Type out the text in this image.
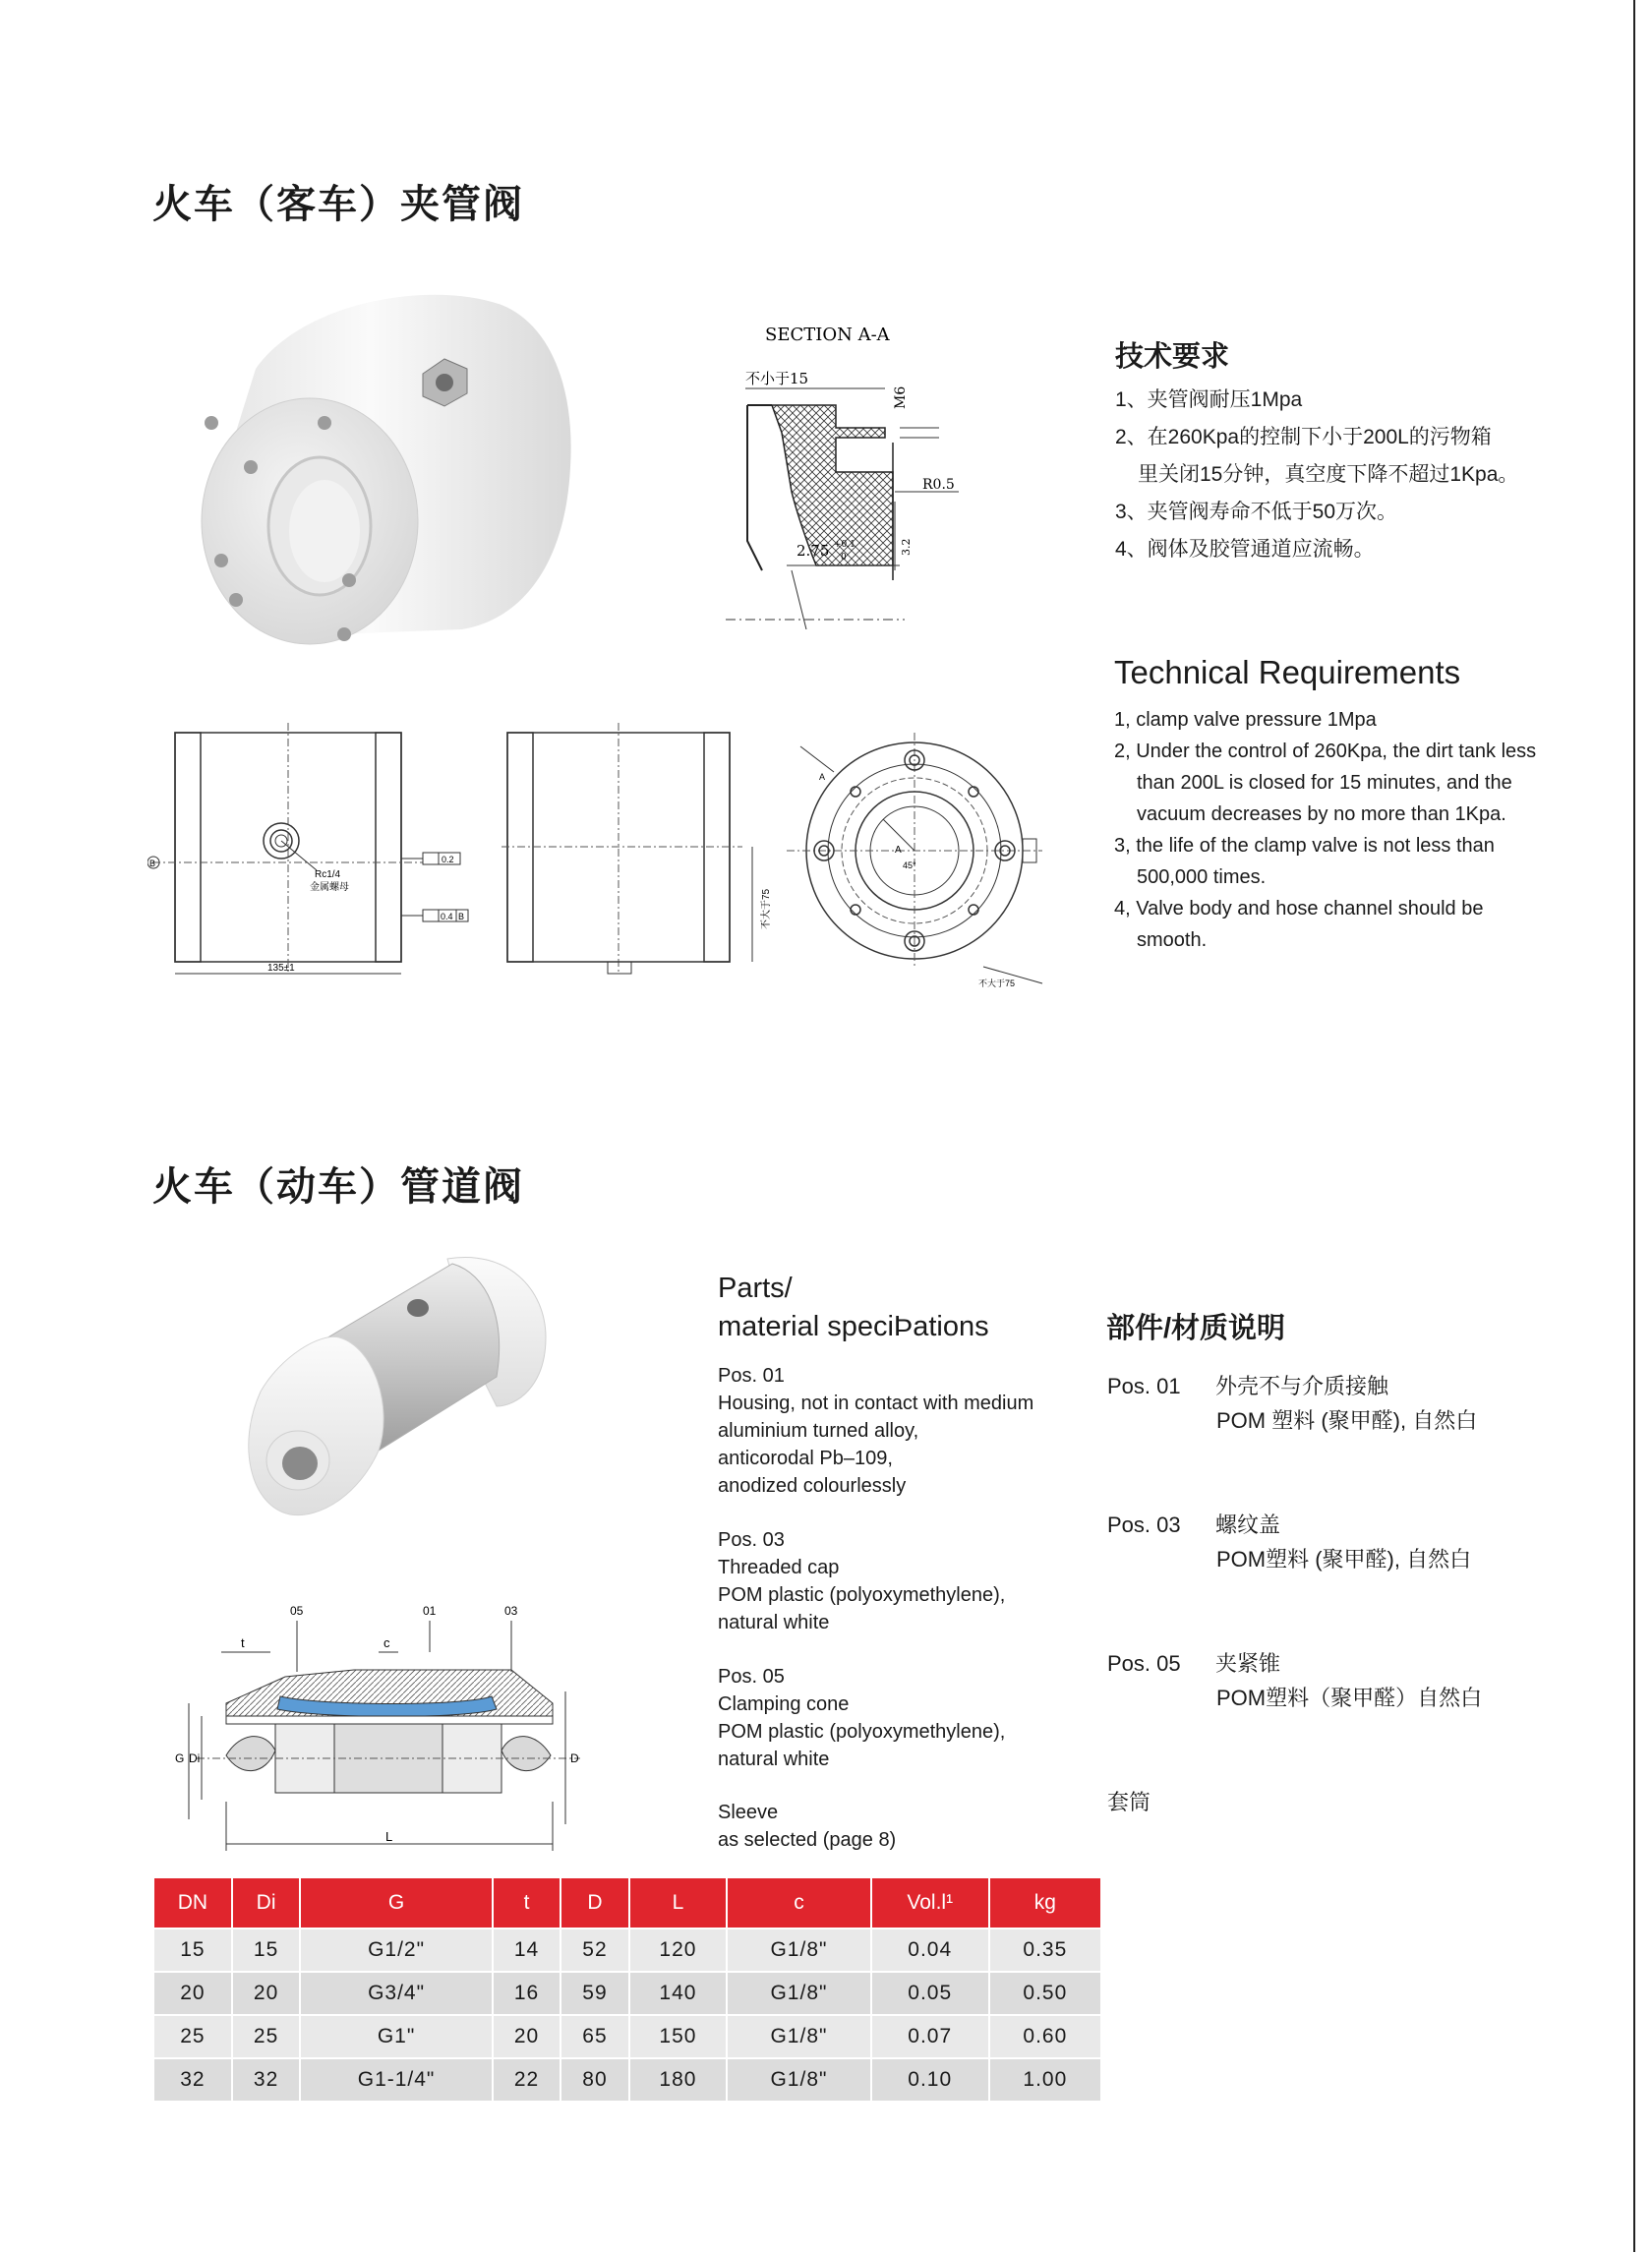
火车（客车）夹管阀
SECTION A-A
不小于15
M6
R0.5
2.75 +0.1
0
3.2
技术要求
1、夹管阀耐压1Mpa
2、在260Kpa的控制下小于200L的污物箱
里关闭15分钟，真空度下降不超过1Kpa。
3、夹管阀寿命不低于50万次。
4、阀体及胶管通道应流畅。
Technical Requirements
1, clamp valve pressure 1Mpa
2, Under the control of 260Kpa, the dirt tank less
than 200L is closed for 15 minutes, and the
vacuum decreases by no more than 1Kpa.
3, the life of the clamp valve is not less than
500,000 times.
4, Valve body and hose channel should be
smooth.
Rc1/4
金属螺母
0.2
0.4 B
B
135±1
不大于75
A
45°
A
不大于75
火车（动车）管道阀
05	01	03
t	c
G Di	D
L
Parts/
material speciÞations
Pos. 01
Housing, not in contact with medium
aluminium turned alloy,
anticorodal Pb–109,
anodized colourlessly
Pos. 03
Threaded cap
POM plastic (polyoxymethylene),
natural white
Pos. 05
Clamping cone
POM plastic (polyoxymethylene),
natural white
Sleeve
as selected (page 8)
部件/材质说明
Pos. 01 外壳不与介质接触
POM 塑料 (聚甲醛), 自然白
Pos. 03 螺纹盖
POM塑料 (聚甲醛), 自然白
Pos. 05 夹紧锥
POM塑料（聚甲醛）自然白
套筒
DN	Di	G	t	D	L	c	Vol.l¹	kg
15	15	G1/2"	14	52	120	G1/8"	0.04	0.35
20	20	G3/4"	16	59	140	G1/8"	0.05	0.50
25	25	G1"	20	65	150	G1/8"	0.07	0.60
32	32	G1-1/4"	22	80	180	G1/8"	0.10	1.00
